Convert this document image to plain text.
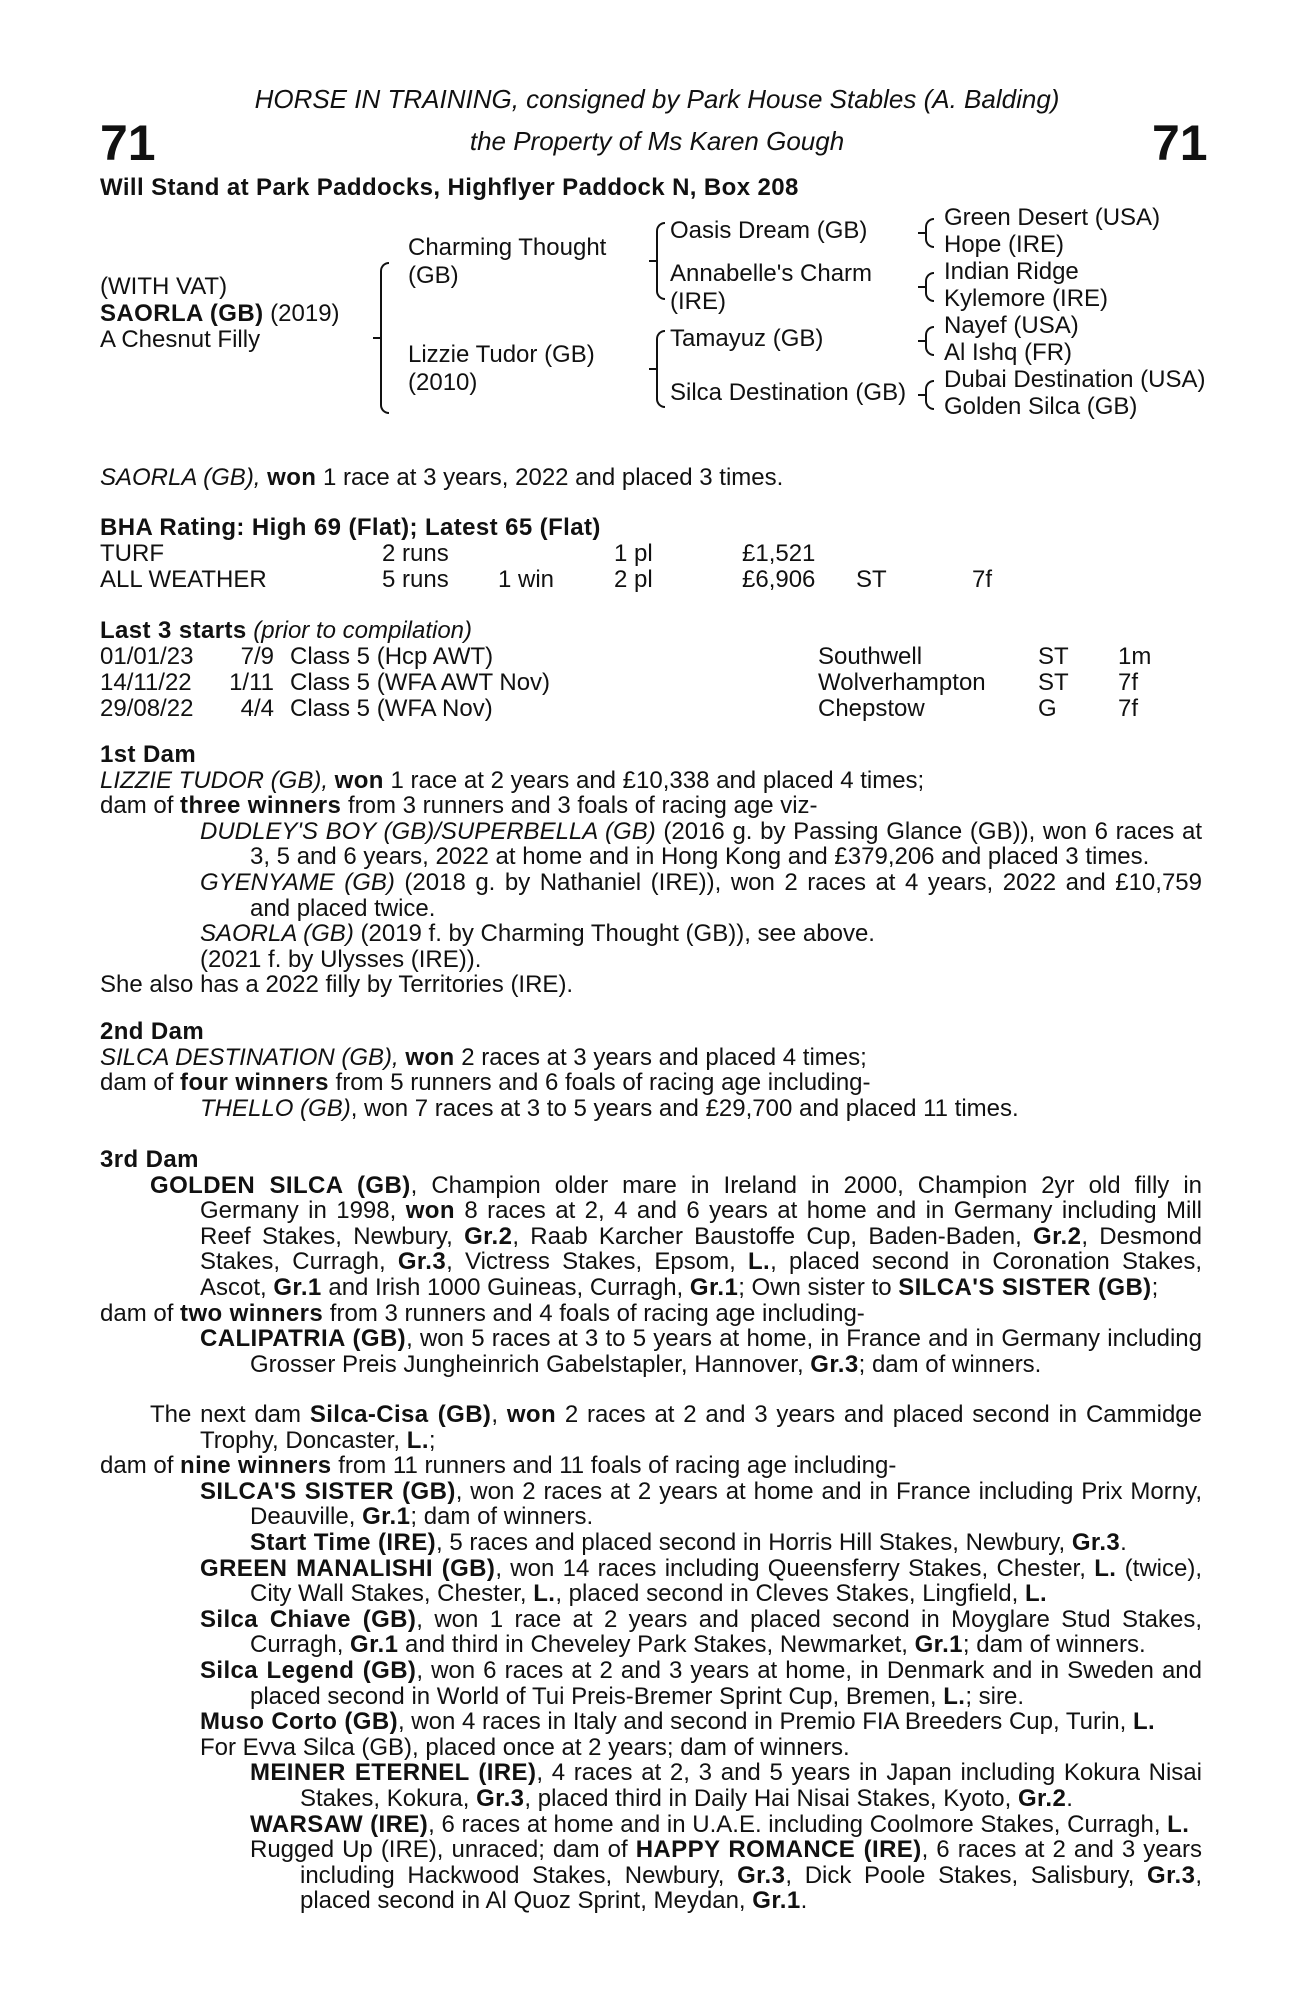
71	71
HORSE IN TRAINING, consigned by Park House Stables (A. Balding)
the Property of Ms Karen Gough
Will Stand at Park Paddocks, Highflyer Paddock N, Box 208
(WITH VAT)
SAORLA (GB) (2019)
A Chesnut Filly
Charming Thought (GB)
Lizzie Tudor (GB) (2010)
Oasis Dream (GB)
Annabelle's Charm (IRE)
Tamayuz (GB)
Silca Destination (GB)
Green Desert (USA)
Hope (IRE)
Indian Ridge
Kylemore (IRE)
Nayef (USA)
Al Ishq (FR)
Dubai Destination (USA)
Golden Silca (GB)
SAORLA (GB), won 1 race at 3 years, 2022 and placed 3 times.
BHA Rating: High 69 (Flat); Latest 65 (Flat)
TURF	2 runs	1 pl	£1,521
ALL WEATHER	5 runs 1 win 2 pl	£6,906 ST	7f
Last 3 starts (prior to compilation)
01/01/23	7/9 Class 5 (Hcp AWT)	Southwell	ST 1m
14/11/22	1/11 Class 5 (WFA AWT Nov)	Wolverhampton ST 7f
29/08/22	4/4 Class 5 (WFA Nov)	Chepstow	G	7f

1st Dam

LIZZIE TUDOR (GB), won 1 race at 2 years and £10,338 and placed 4 times;

dam of three winners from 3 runners and 3 foals of racing age viz-

DUDLEY'S BOY (GB)/SUPERBELLA (GB) (2016 g. by Passing Glance (GB)), won 6 races at 3, 5 and 6 years, 2022 at home and in Hong Kong and £379,206 and placed 3 times.

GYENYAME (GB) (2018 g. by Nathaniel (IRE)), won 2 races at 4 years, 2022 and £10,759 and placed twice.

SAORLA (GB) (2019 f. by Charming Thought (GB)), see above.

(2021 f. by Ulysses (IRE)).

She also has a 2022 filly by Territories (IRE).

2nd Dam

SILCA DESTINATION (GB), won 2 races at 3 years and placed 4 times;

dam of four winners from 5 runners and 6 foals of racing age including-

THELLO (GB), won 7 races at 3 to 5 years and £29,700 and placed 11 times.

3rd Dam

GOLDEN SILCA (GB), Champion older mare in Ireland in 2000, Champion 2yr old filly in Germany in 1998, won 8 races at 2, 4 and 6 years at home and in Germany including Mill Reef Stakes, Newbury, Gr.2, Raab Karcher Baustoffe Cup, Baden-Baden, Gr.2, Desmond Stakes, Curragh, Gr.3, Victress Stakes, Epsom, L., placed second in Coronation Stakes, Ascot, Gr.1 and Irish 1000 Guineas, Curragh, Gr.1; Own sister to SILCA'S SISTER (GB);

dam of two winners from 3 runners and 4 foals of racing age including-

CALIPATRIA (GB), won 5 races at 3 to 5 years at home, in France and in Germany including Grosser Preis Jungheinrich Gabelstapler, Hannover, Gr.3; dam of winners.

The next dam Silca-Cisa (GB), won 2 races at 2 and 3 years and placed second in Cammidge Trophy, Doncaster, L.;

dam of nine winners from 11 runners and 11 foals of racing age including-

SILCA'S SISTER (GB), won 2 races at 2 years at home and in France including Prix Morny, Deauville, Gr.1; dam of winners.

Start Time (IRE), 5 races and placed second in Horris Hill Stakes, Newbury, Gr.3.

GREEN MANALISHI (GB), won 14 races including Queensferry Stakes, Chester, L. (twice), City Wall Stakes, Chester, L., placed second in Cleves Stakes, Lingfield, L.

Silca Chiave (GB), won 1 race at 2 years and placed second in Moyglare Stud Stakes, Curragh, Gr.1 and third in Cheveley Park Stakes, Newmarket, Gr.1; dam of winners.

Silca Legend (GB), won 6 races at 2 and 3 years at home, in Denmark and in Sweden and placed second in World of Tui Preis-Bremer Sprint Cup, Bremen, L.; sire.

Muso Corto (GB), won 4 races in Italy and second in Premio FIA Breeders Cup, Turin, L.

For Evva Silca (GB), placed once at 2 years; dam of winners.

MEINER ETERNEL (IRE), 4 races at 2, 3 and 5 years in Japan including Kokura Nisai Stakes, Kokura, Gr.3, placed third in Daily Hai Nisai Stakes, Kyoto, Gr.2.

WARSAW (IRE), 6 races at home and in U.A.E. including Coolmore Stakes, Curragh, L.

Rugged Up (IRE), unraced; dam of HAPPY ROMANCE (IRE), 6 races at 2 and 3 years including Hackwood Stakes, Newbury, Gr.3, Dick Poole Stakes, Salisbury, Gr.3, placed second in Al Quoz Sprint, Meydan, Gr.1.
